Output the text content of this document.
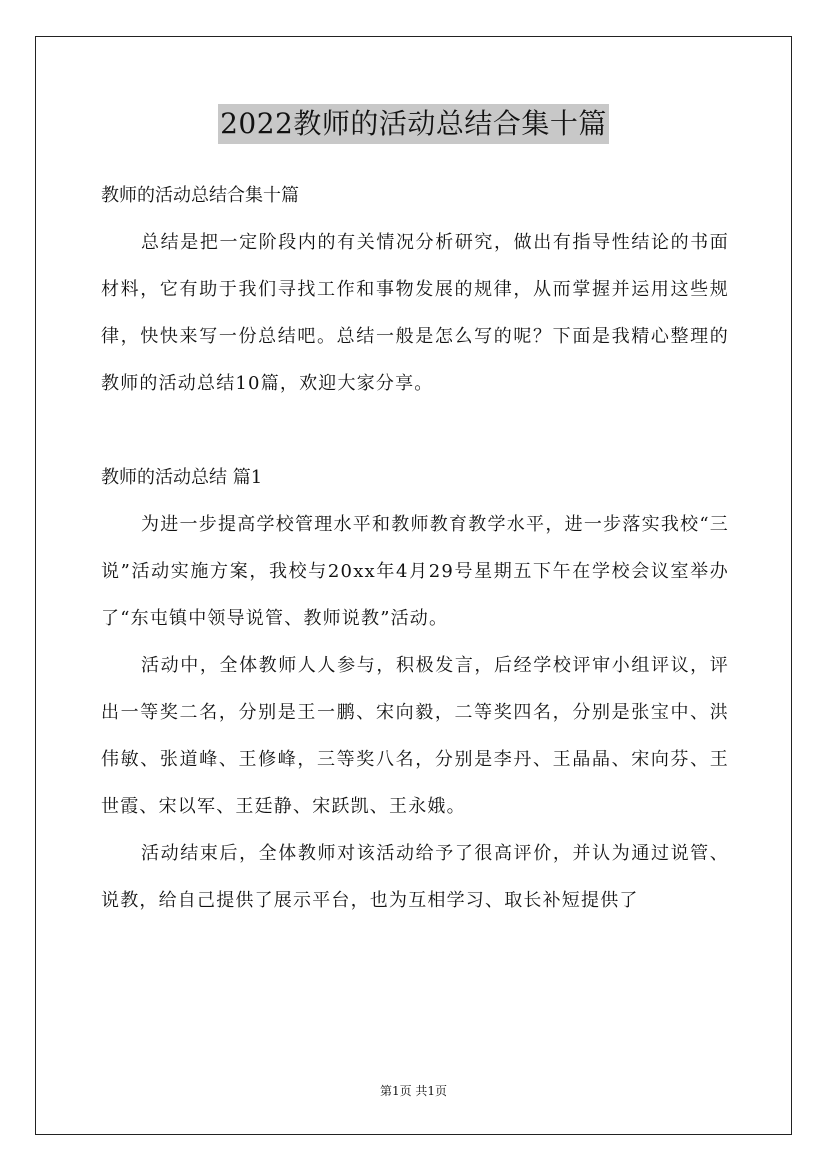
2022教师的活动总结合集十篇

教师的活动总结合集十篇

总结是把一定阶段内的有关情况分析研究，做出有指导性结论的书面材料，它有助于我们寻找工作和事物发展的规律，从而掌握并运用这些规律，快快来写一份总结吧。总结一般是怎么写的呢？下面是我精心整理的教师的活动总结10篇，欢迎大家分享。

教师的活动总结 篇1

为进一步提高学校管理水平和教师教育教学水平，进一步落实我校“三说”活动实施方案，我校与20xx年4月29号星期五下午在学校会议室举办了“东屯镇中领导说管、教师说教”活动。

活动中，全体教师人人参与，积极发言，后经学校评审小组评议，评出一等奖二名，分别是王一鹏、宋向毅，二等奖四名，分别是张宝中、洪伟敏、张道峰、王修峰，三等奖八名，分别是李丹、王晶晶、宋向芬、王世霞、宋以军、王廷静、宋跃凯、王永娥。

活动结束后，全体教师对该活动给予了很高评价，并认为通过说管、说教，给自己提供了展示平台，也为互相学习、取长补短提供了

第1页 共1页
